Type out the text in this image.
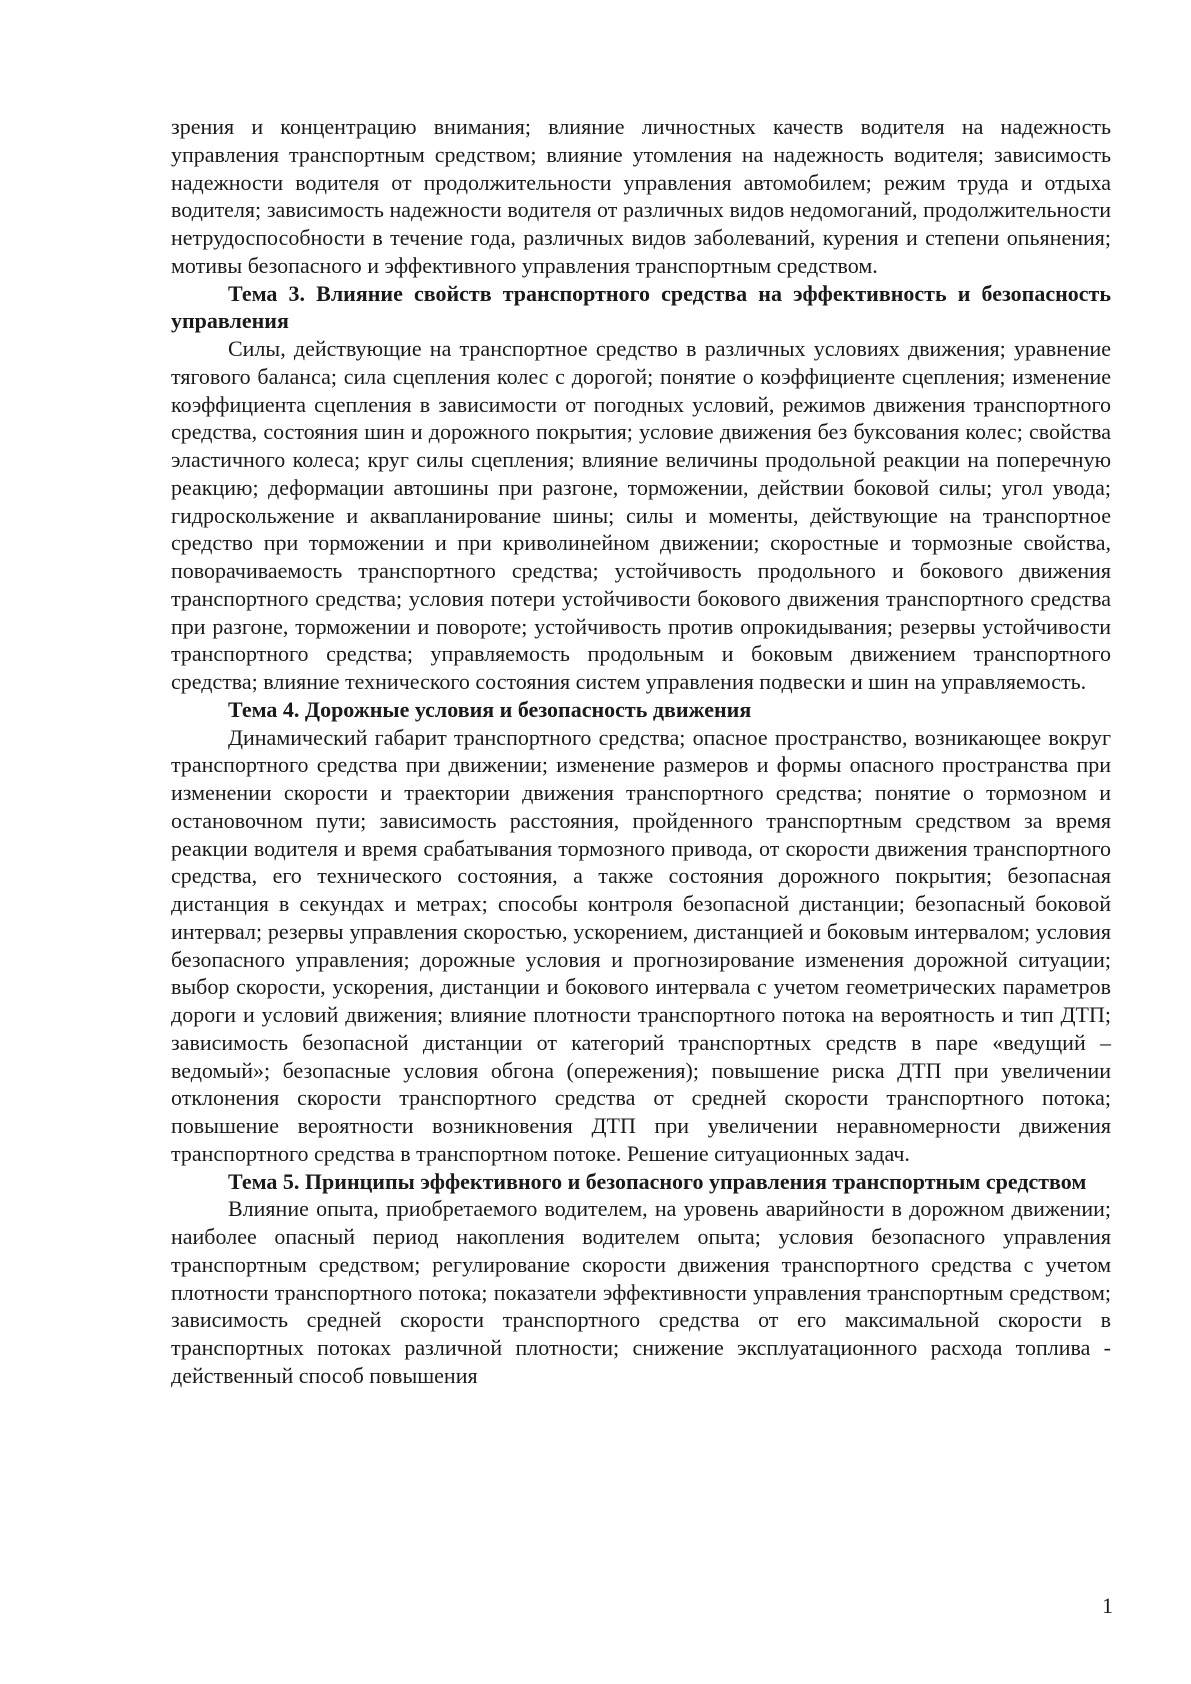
зрения и концентрацию внимания; влияние личностных качеств водителя на надежность управления транспортным средством; влияние утомления на надежность водителя; зависимость надежности водителя от продолжительности управления автомобилем; режим труда и отдыха водителя; зависимость надежности водителя от различных видов недомоганий, продолжительности нетрудоспособности в течение года, различных видов заболеваний, курения и степени опьянения; мотивы безопасного и эффективного управления транспортным средством.

Тема 3. Влияние свойств транспортного средства на эффективность и безопасность управления

Силы, действующие на транспортное средство в различных условиях движения; уравнение тягового баланса; сила сцепления колес с дорогой; понятие о коэффициенте сцепления; изменение коэффициента сцепления в зависимости от погодных условий, режимов движения транспортного средства, состояния шин и дорожного покрытия; условие движения без буксования колес; свойства эластичного колеса; круг силы сцепления; влияние величины продольной реакции на поперечную реакцию; деформации автошины при разгоне, торможении, действии боковой силы; угол увода; гидроскольжение и аквапланирование шины; силы и моменты, действующие на транспортное средство при торможении и при криволинейном движении; скоростные и тормозные свойства, поворачиваемость транспортного средства; устойчивость продольного и бокового движения транспортного средства; условия потери устойчивости бокового движения транспортного средства при разгоне, торможении и повороте; устойчивость против опрокидывания; резервы устойчивости транспортного средства; управляемость продольным и боковым движением транспортного средства; влияние технического состояния систем управления подвески и шин на управляемость.

Тема 4. Дорожные условия и безопасность движения

Динамический габарит транспортного средства; опасное пространство, возникающее вокруг транспортного средства при движении; изменение размеров и формы опасного пространства при изменении скорости и траектории движения транспортного средства; понятие о тормозном и остановочном пути; зависимость расстояния, пройденного транспортным средством за время реакции водителя и время срабатывания тормозного привода, от скорости движения транспортного средства, его технического состояния, а также состояния дорожного покрытия; безопасная дистанция в секундах и метрах; способы контроля безопасной дистанции; безопасный боковой интервал; резервы управления скоростью, ускорением, дистанцией и боковым интервалом; условия безопасного управления; дорожные условия и прогнозирование изменения дорожной ситуации; выбор скорости, ускорения, дистанции и бокового интервала с учетом геометрических параметров дороги и условий движения; влияние плотности транспортного потока на вероятность и тип ДТП; зависимость безопасной дистанции от категорий транспортных средств в паре «ведущий – ведомый»; безопасные условия обгона (опережения); повышение риска ДТП при увеличении отклонения скорости транспортного средства от средней скорости транспортного потока; повышение вероятности возникновения ДТП при увеличении неравномерности движения транспортного средства в транспортном потоке. Решение ситуационных задач.

Тема 5. Принципы эффективного и безопасного управления транспортным средством

Влияние опыта, приобретаемого водителем, на уровень аварийности в дорожном движении; наиболее опасный период накопления водителем опыта; условия безопасного управления транспортным средством; регулирование скорости движения транспортного средства с учетом плотности транспортного потока; показатели эффективности управления транспортным средством; зависимость средней скорости транспортного средства от его максимальной скорости в транспортных потоках различной плотности; снижение эксплуатационного расхода топлива - действенный способ повышения

1
